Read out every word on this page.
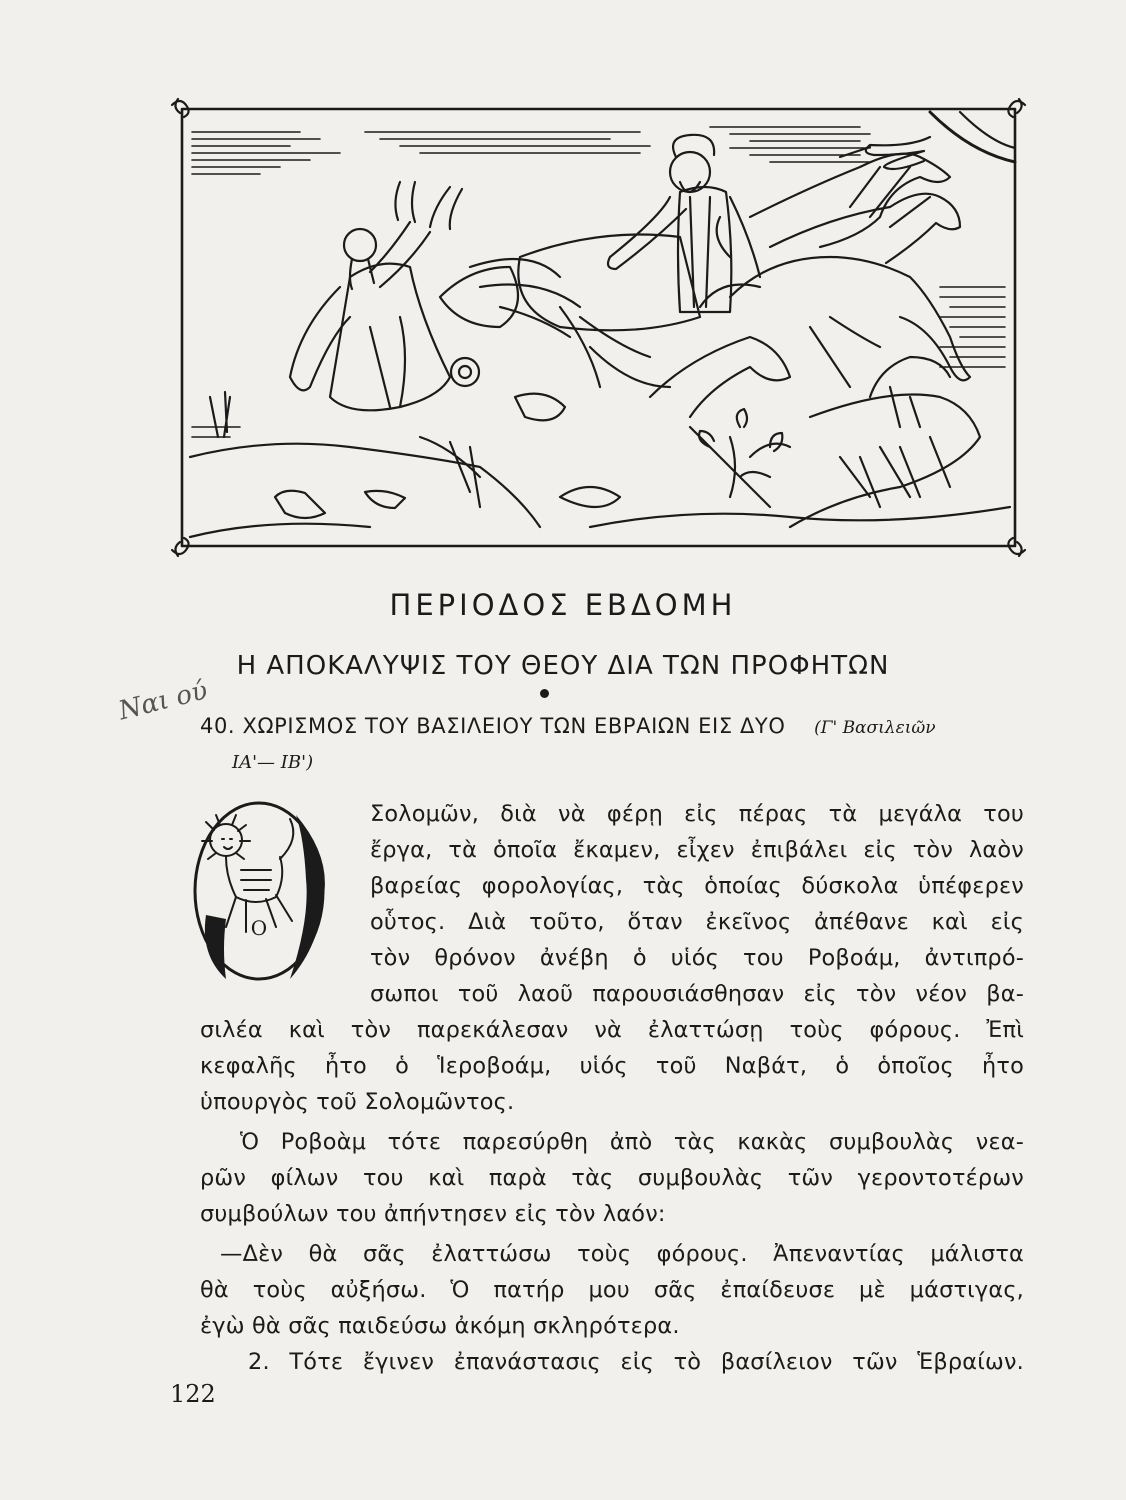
ΠΕΡΙΟΔΟΣ ΕΒΔΟΜΗ
Η ΑΠΟΚΑΛΥΨΙΣ ΤΟΥ ΘΕΟΥ ΔΙΑ ΤΩΝ ΠΡΟΦΗΤΩΝ
Ναι ού
40. ΧΩΡΙΣΜΟΣ ΤΟΥ ΒΑΣΙΛΕΙΟΥ ΤΩΝ ΕΒΡΑΙΩΝ ΕΙΣ ΔΥΟ (Γ' Βασιλειῶν
ΙΑ'— ΙΒ')
Ο
Σολομῶν, διὰ νὰ φέρῃ εἰς πέρας τὰ μεγάλα του
ἔργα, τὰ ὁποῖα ἔκαμεν, εἶχεν ἐπιβάλει εἰς τὸν λαὸν
βαρείας φορολογίας, τὰς ὁποίας δύσκολα ὑπέφερεν
οὗτος. Διὰ τοῦτο, ὅταν ἐκεῖνος ἀπέθανε καὶ εἰς
τὸν θρόνον ἀνέβη ὁ υἱός του Ροβοάμ, ἀντιπρό-
σωποι τοῦ λαοῦ παρουσιάσθησαν εἰς τὸν νέον βα-
σιλέα καὶ τὸν παρεκάλεσαν νὰ ἐλαττώσῃ τοὺς φόρους. Ἐπὶ
κεφαλῆς ἦτο ὁ Ἱεροβοάμ, υἱός τοῦ Ναβάτ, ὁ ὁποῖος ἦτο
ὑπουργὸς τοῦ Σολομῶντος.
Ὁ Ροβοὰμ τότε παρεσύρθη ἀπὸ τὰς κακὰς συμβουλὰς νεα-
ρῶν φίλων του καὶ παρὰ τὰς συμβουλὰς τῶν γεροντοτέρων
συμβούλων του ἀπήντησεν εἰς τὸν λαόν:
—Δὲν θὰ σᾶς ἐλαττώσω τοὺς φόρους. Ἀπεναντίας μάλιστα
θὰ τοὺς αὐξήσω. Ὁ πατήρ μου σᾶς ἐπαίδευσε μὲ μάστιγας,
ἐγὼ θὰ σᾶς παιδεύσω ἀκόμη σκληρότερα.
2. Τότε ἔγινεν ἐπανάστασις εἰς τὸ βασίλειον τῶν Ἑβραίων.
122
